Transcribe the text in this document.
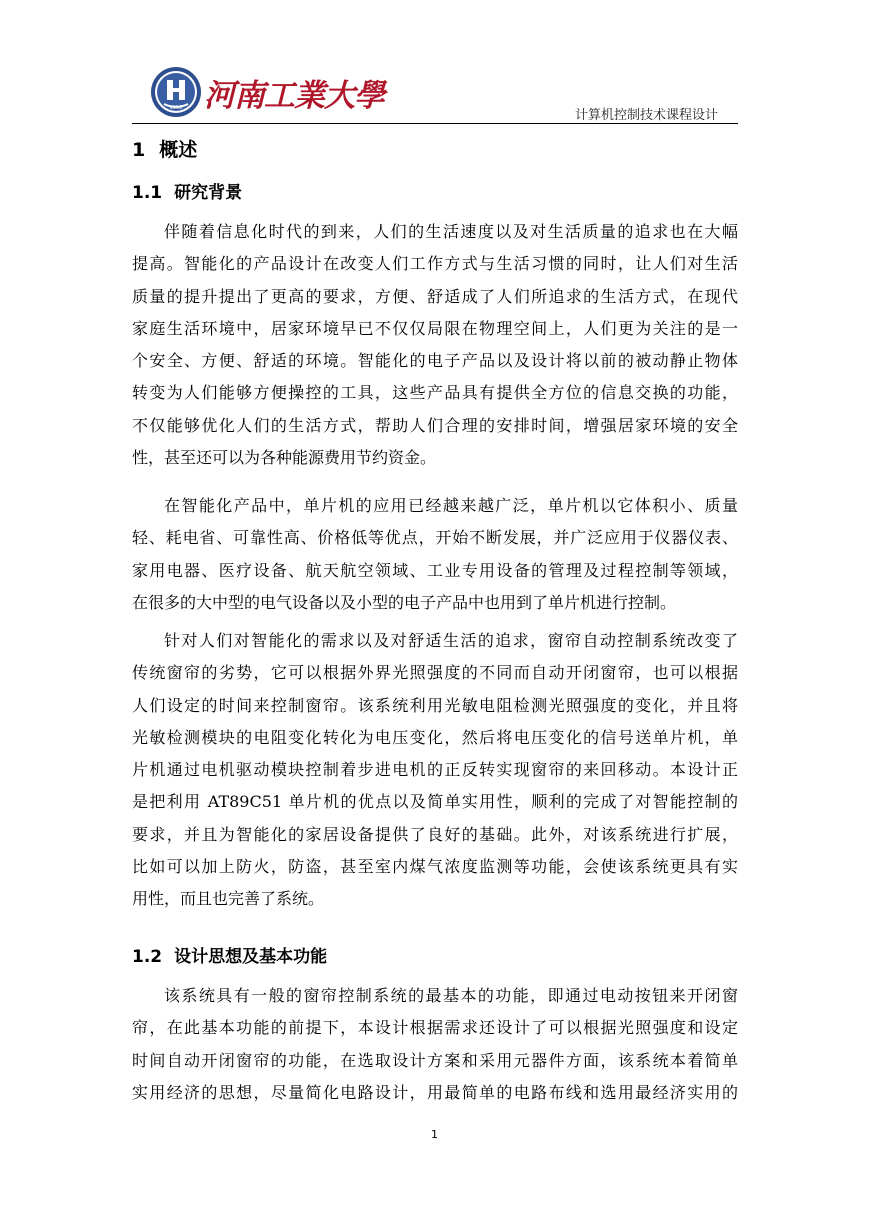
1956 河南工業大學
计算机控制技术课程设计
1 概述
1.1 研究背景
伴随着信息化时代的到来，人们的生活速度以及对生活质量的追求也在大幅
提高。智能化的产品设计在改变人们工作方式与生活习惯的同时，让人们对生活
质量的提升提出了更高的要求，方便、舒适成了人们所追求的生活方式，在现代
家庭生活环境中，居家环境早已不仅仅局限在物理空间上，人们更为关注的是一
个安全、方便、舒适的环境。智能化的电子产品以及设计将以前的被动静止物体
转变为人们能够方便操控的工具，这些产品具有提供全方位的信息交换的功能，
不仅能够优化人们的生活方式，帮助人们合理的安排时间，增强居家环境的安全
性，甚至还可以为各种能源费用节约资金。
在智能化产品中，单片机的应用已经越来越广泛，单片机以它体积小、质量
轻、耗电省、可靠性高、价格低等优点，开始不断发展，并广泛应用于仪器仪表、
家用电器、医疗设备、航天航空领域、工业专用设备的管理及过程控制等领域，
在很多的大中型的电气设备以及小型的电子产品中也用到了单片机进行控制。
针对人们对智能化的需求以及对舒适生活的追求，窗帘自动控制系统改变了
传统窗帘的劣势，它可以根据外界光照强度的不同而自动开闭窗帘，也可以根据
人们设定的时间来控制窗帘。该系统利用光敏电阻检测光照强度的变化，并且将
光敏检测模块的电阻变化转化为电压变化，然后将电压变化的信号送单片机，单
片机通过电机驱动模块控制着步进电机的正反转实现窗帘的来回移动。本设计正
是把利用 AT89C51 单片机的优点以及简单实用性，顺利的完成了对智能控制的
要求，并且为智能化的家居设备提供了良好的基础。此外，对该系统进行扩展，
比如可以加上防火，防盗，甚至室内煤气浓度监测等功能，会使该系统更具有实
用性，而且也完善了系统。
1.2 设计思想及基本功能
该系统具有一般的窗帘控制系统的最基本的功能，即通过电动按钮来开闭窗
帘，在此基本功能的前提下，本设计根据需求还设计了可以根据光照强度和设定
时间自动开闭窗帘的功能，在选取设计方案和采用元器件方面，该系统本着简单
实用经济的思想，尽量简化电路设计，用最简单的电路布线和选用最经济实用的
1
